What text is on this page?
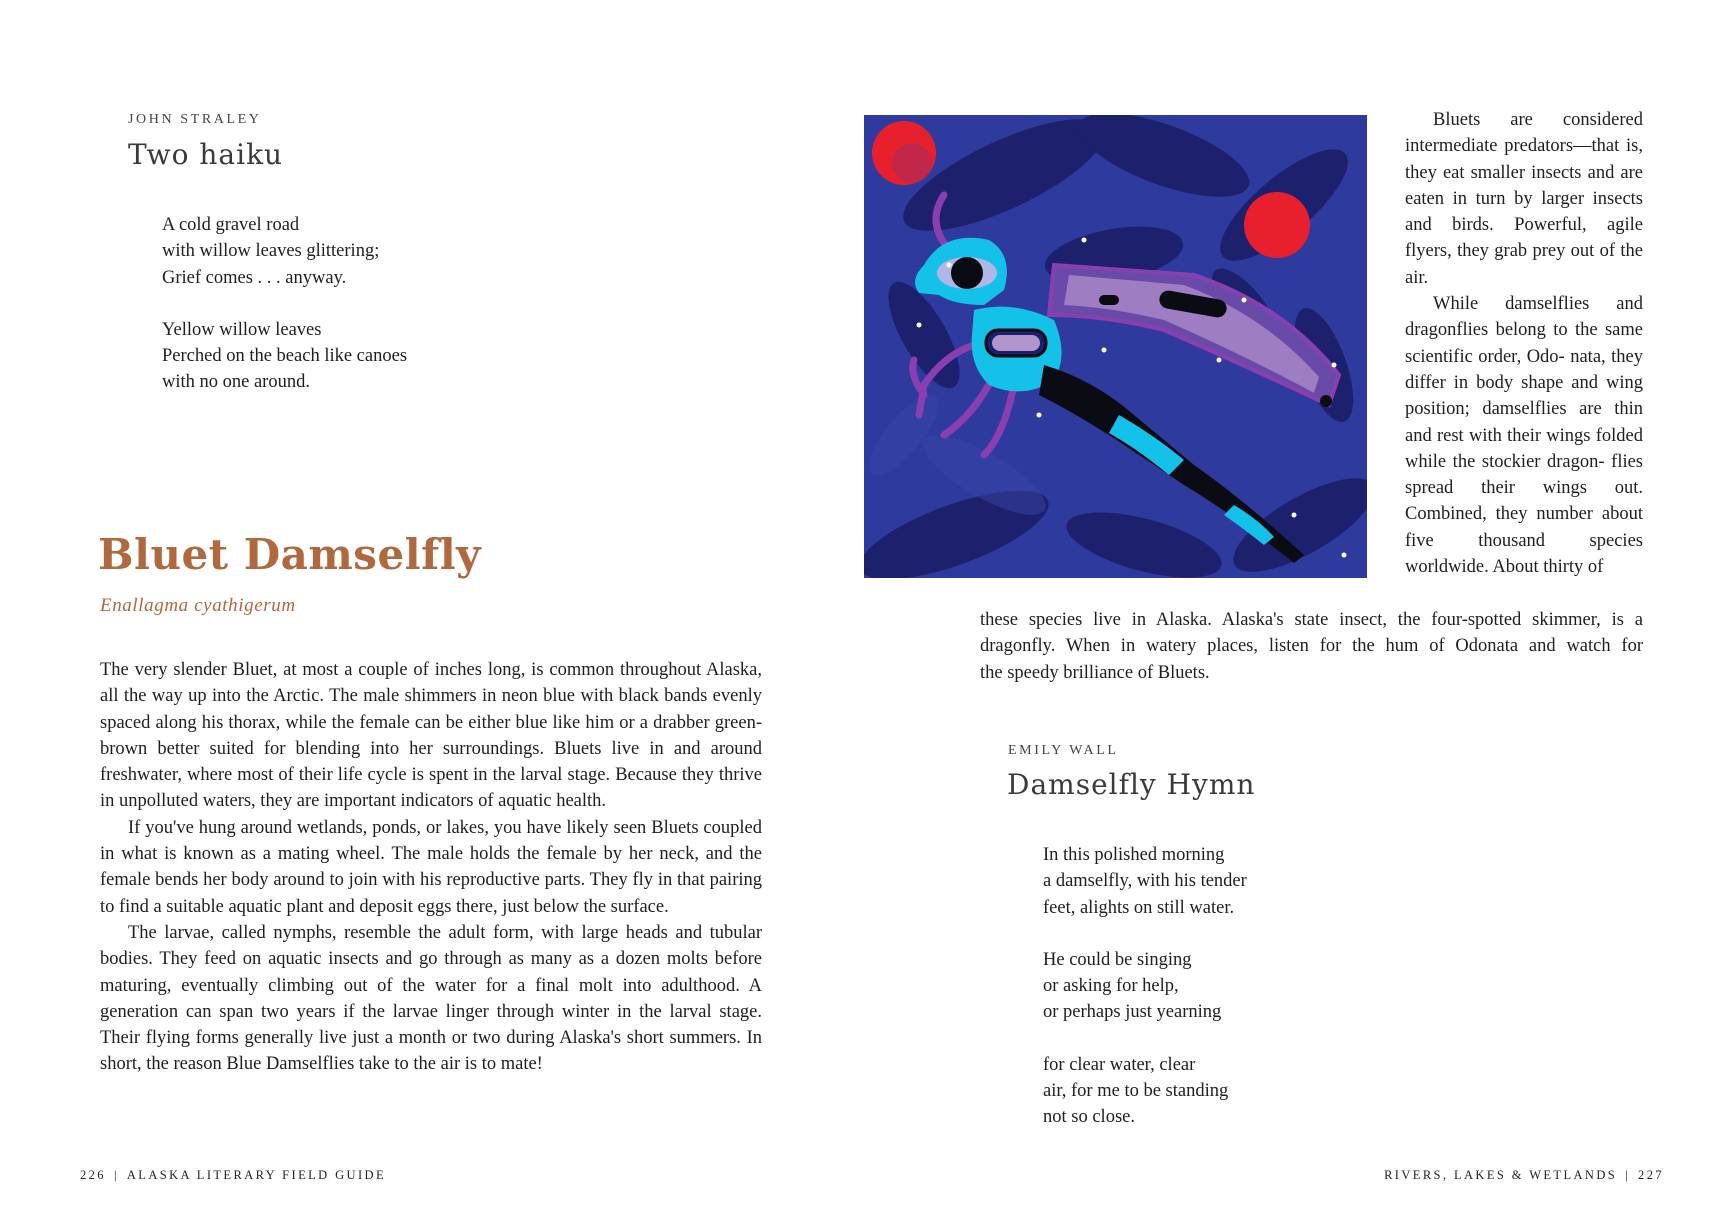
JOHN STRALEY
Two haiku
A cold gravel road
with willow leaves glittering;
Grief comes . . . anyway.
Yellow willow leaves
Perched on the beach like canoes
with no one around.
Bluet Damselfly
Enallagma cyathigerum

The very slender Bluet, at most a couple of inches long, is common throughout Alaska, all the way up into the Arctic. The male shimmers in neon blue with black bands evenly spaced along his thorax, while the female can be either blue like him or a drabber green-brown better suited for blending into her surroundings. Bluets live in and around freshwater, where most of their life cycle is spent in the larval stage. Because they thrive in unpolluted waters, they are important indicators of aquatic health.

If you've hung around wetlands, ponds, or lakes, you have likely seen Bluets coupled in what is known as a mating wheel. The male holds the female by her neck, and the female bends her body around to join with his reproductive parts. They fly in that pairing to find a suitable aquatic plant and deposit eggs there, just below the surface.

The larvae, called nymphs, resemble the adult form, with large heads and tubular bodies. They feed on aquatic insects and go through as many as a dozen molts before maturing, eventually climbing out of the water for a final molt into adulthood. A generation can span two years if the larvae linger through winter in the larval stage. Their flying forms generally live just a month or two during Alaska's short summers. In short, the reason Blue Damselflies take to the air is to mate!

226 | ALASKA LITERARY FIELD GUIDE

Bluets are considered intermediate predators—that is, they eat smaller insects and are eaten in turn by larger insects and birds. Powerful, agile flyers, they grab prey out of the air.

While damselflies and dragonflies belong to the same scientific order, Odo- nata, they differ in body shape and wing position; damselflies are thin and rest with their wings folded while the stockier dragon- flies spread their wings out. Combined, they number about five thousand species worldwide. About thirty of

these species live in Alaska. Alaska's state insect, the four-spotted skimmer, is a
dragonfly. When in watery places, listen for the hum of Odonata and watch for
the speedy brilliance of Bluets.
EMILY WALL
Damselfly Hymn
In this polished morning
a damselfly, with his tender
feet, alights on still water.
He could be singing
or asking for help,
or perhaps just yearning
for clear water, clear
air, for me to be standing
not so close.
RIVERS, LAKES & WETLANDS | 227
